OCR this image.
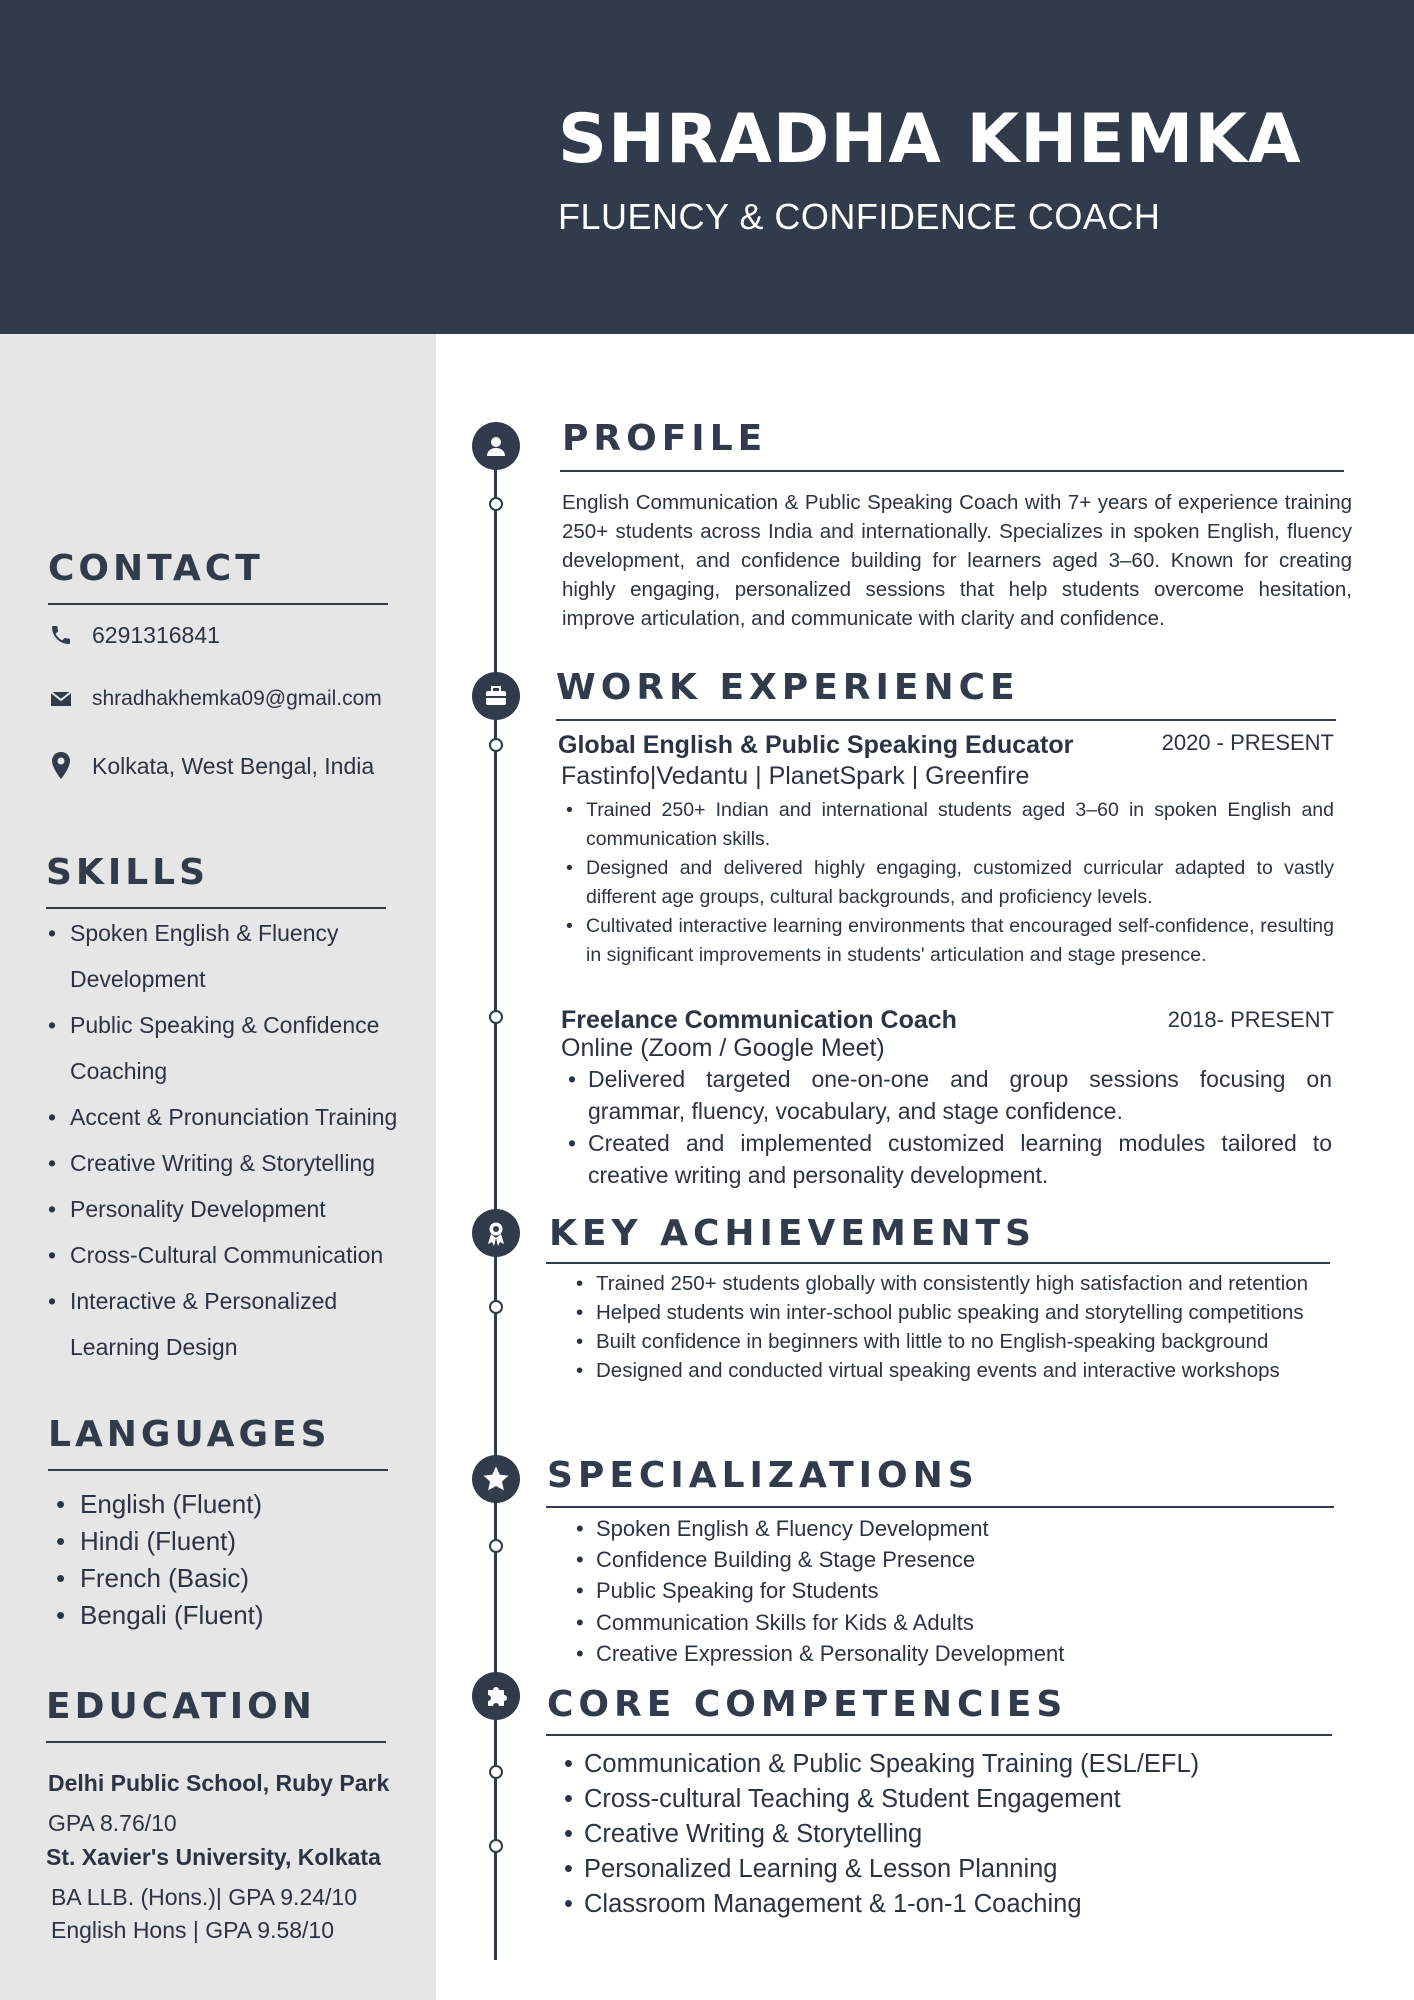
SHRADHA KHEMKA
FLUENCY & CONFIDENCE COACH
CONTACT
6291316841
shradhakhemka09@gmail.com
Kolkata, West Bengal, India
SKILLS
• Spoken English & Fluency Development
• Public Speaking & Confidence Coaching
• Accent & Pronunciation Training
• Creative Writing & Storytelling
• Personality Development
• Cross-Cultural Communication
• Interactive & Personalized Learning Design
LANGUAGES
• English (Fluent)
• Hindi (Fluent)
• French (Basic)
• Bengali (Fluent)
EDUCATION
Delhi Public School, Ruby Park
GPA 8.76/10
St. Xavier's University, Kolkata
BA LLB. (Hons.)| GPA 9.24/10
English Hons | GPA 9.58/10
PROFILE
English Communication & Public Speaking Coach with 7+ years of experience training 250+ students across India and internationally. Specializes in spoken English, fluency development, and confidence building for learners aged 3–60. Known for creating highly engaging, personalized sessions that help students overcome hesitation, improve articulation, and communicate with clarity and confidence.
WORK EXPERIENCE
Global English & Public Speaking Educator	2020 - PRESENT
Fastinfo|Vedantu | PlanetSpark | Greenfire
• Trained 250+ Indian and international students aged 3–60 in spoken English and communication skills.
• Designed and delivered highly engaging, customized curricular adapted to vastly different age groups, cultural backgrounds, and proficiency levels.
• Cultivated interactive learning environments that encouraged self-confidence, resulting in significant improvements in students' articulation and stage presence.
Freelance Communication Coach	2018- PRESENT
Online (Zoom / Google Meet)
• Delivered targeted one-on-one and group sessions focusing on grammar, fluency, vocabulary, and stage confidence.
• Created and implemented customized learning modules tailored to creative writing and personality development.
KEY ACHIEVEMENTS
• Trained 250+ students globally with consistently high satisfaction and retention
• Helped students win inter-school public speaking and storytelling competitions
• Built confidence in beginners with little to no English-speaking background
• Designed and conducted virtual speaking events and interactive workshops
SPECIALIZATIONS
• Spoken English & Fluency Development
• Confidence Building & Stage Presence
• Public Speaking for Students
• Communication Skills for Kids & Adults
• Creative Expression & Personality Development
CORE COMPETENCIES
• Communication & Public Speaking Training (ESL/EFL)
• Cross-cultural Teaching & Student Engagement
• Creative Writing & Storytelling
• Personalized Learning & Lesson Planning
• Classroom Management & 1-on-1 Coaching
